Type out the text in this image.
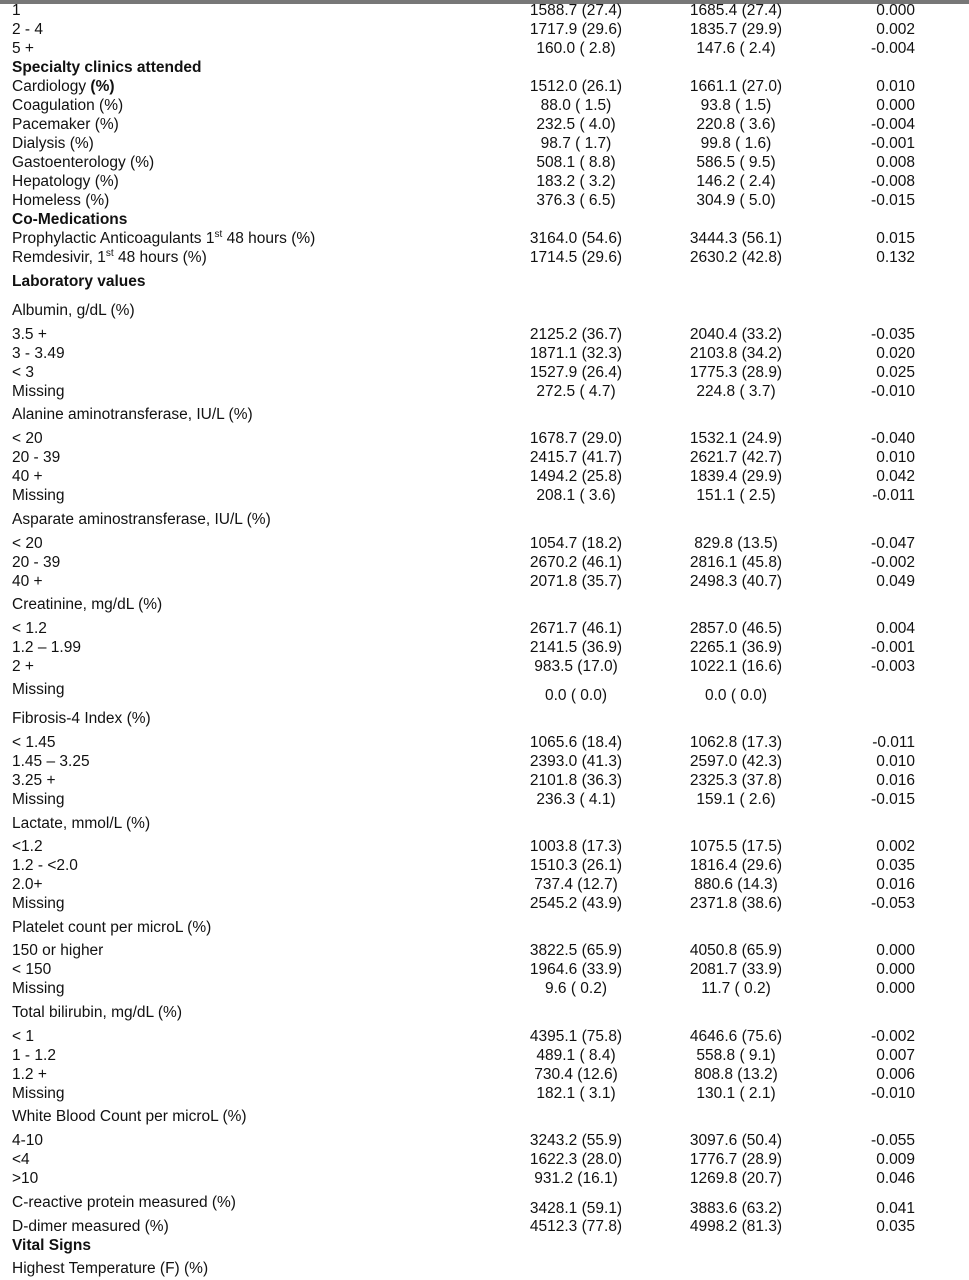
1	1588.7 (27.4)	1685.4 (27.4)	0.000
2 - 4	1717.9 (29.6)	1835.7 (29.9)	0.002
5 +	160.0 ( 2.8)	147.6 ( 2.4)	-0.004
Specialty clinics attended
Cardiology (%)	1512.0 (26.1)	1661.1 (27.0)	0.010
Coagulation (%)	88.0 ( 1.5)	93.8 ( 1.5)	0.000
Pacemaker (%)	232.5 ( 4.0)	220.8 ( 3.6)	-0.004
Dialysis (%)	98.7 ( 1.7)	99.8 ( 1.6)	-0.001
Gastoenterology (%)	508.1 ( 8.8)	586.5 ( 9.5)	0.008
Hepatology (%)	183.2 ( 3.2)	146.2 ( 2.4)	-0.008
Homeless (%)	376.3 ( 6.5)	304.9 ( 5.0)	-0.015
Co-Medications
Prophylactic Anticoagulants 1st 48 hours (%)	3164.0 (54.6)	3444.3 (56.1)	0.015
Remdesivir, 1st 48 hours (%)	1714.5 (29.6)	2630.2 (42.8)	0.132
Laboratory values
Albumin, g/dL (%)
3.5 +	2125.2 (36.7)	2040.4 (33.2)	-0.035
3 - 3.49	1871.1 (32.3)	2103.8 (34.2)	0.020
< 3	1527.9 (26.4)	1775.3 (28.9)	0.025
Missing	272.5 ( 4.7)	224.8 ( 3.7)	-0.010
Alanine aminotransferase, IU/L (%)
< 20	1678.7 (29.0)	1532.1 (24.9)	-0.040
20 - 39	2415.7 (41.7)	2621.7 (42.7)	0.010
40 +	1494.2 (25.8)	1839.4 (29.9)	0.042
Missing	208.1 ( 3.6)	151.1 ( 2.5)	-0.011
Asparate aminostransferase, IU/L (%)
< 20	1054.7 (18.2)	829.8 (13.5)	-0.047
20 - 39	2670.2 (46.1)	2816.1 (45.8)	-0.002
40 +	2071.8 (35.7)	2498.3 (40.7)	0.049
Creatinine, mg/dL (%)
< 1.2	2671.7 (46.1)	2857.0 (46.5)	0.004
1.2 – 1.99	2141.5 (36.9)	2265.1 (36.9)	-0.001
2 +	983.5 (17.0)	1022.1 (16.6)	-0.003
Missing	0.0 ( 0.0)	0.0 ( 0.0)
Fibrosis-4 Index (%)
< 1.45	1065.6 (18.4)	1062.8 (17.3)	-0.011
1.45 – 3.25	2393.0 (41.3)	2597.0 (42.3)	0.010
3.25 +	2101.8 (36.3)	2325.3 (37.8)	0.016
Missing	236.3 ( 4.1)	159.1 ( 2.6)	-0.015
Lactate, mmol/L (%)
<1.2	1003.8 (17.3)	1075.5 (17.5)	0.002
1.2 - <2.0	1510.3 (26.1)	1816.4 (29.6)	0.035
2.0+	737.4 (12.7)	880.6 (14.3)	0.016
Missing	2545.2 (43.9)	2371.8 (38.6)	-0.053
Platelet count per microL (%)
150 or higher	3822.5 (65.9)	4050.8 (65.9)	0.000
< 150	1964.6 (33.9)	2081.7 (33.9)	0.000
Missing	9.6 ( 0.2)	11.7 ( 0.2)	0.000
Total bilirubin, mg/dL (%)
< 1	4395.1 (75.8)	4646.6 (75.6)	-0.002
1 - 1.2	489.1 ( 8.4)	558.8 ( 9.1)	0.007
1.2 +	730.4 (12.6)	808.8 (13.2)	0.006
Missing	182.1 ( 3.1)	130.1 ( 2.1)	-0.010
White Blood Count per microL (%)
4-10	3243.2 (55.9)	3097.6 (50.4)	-0.055
<4	1622.3 (28.0)	1776.7 (28.9)	0.009
>10	931.2 (16.1)	1269.8 (20.7)	0.046
C-reactive protein measured (%)	3428.1 (59.1)	3883.6 (63.2)	0.041
D-dimer measured (%)	4512.3 (77.8)	4998.2 (81.3)	0.035
Vital Signs
Highest Temperature (F) (%)
